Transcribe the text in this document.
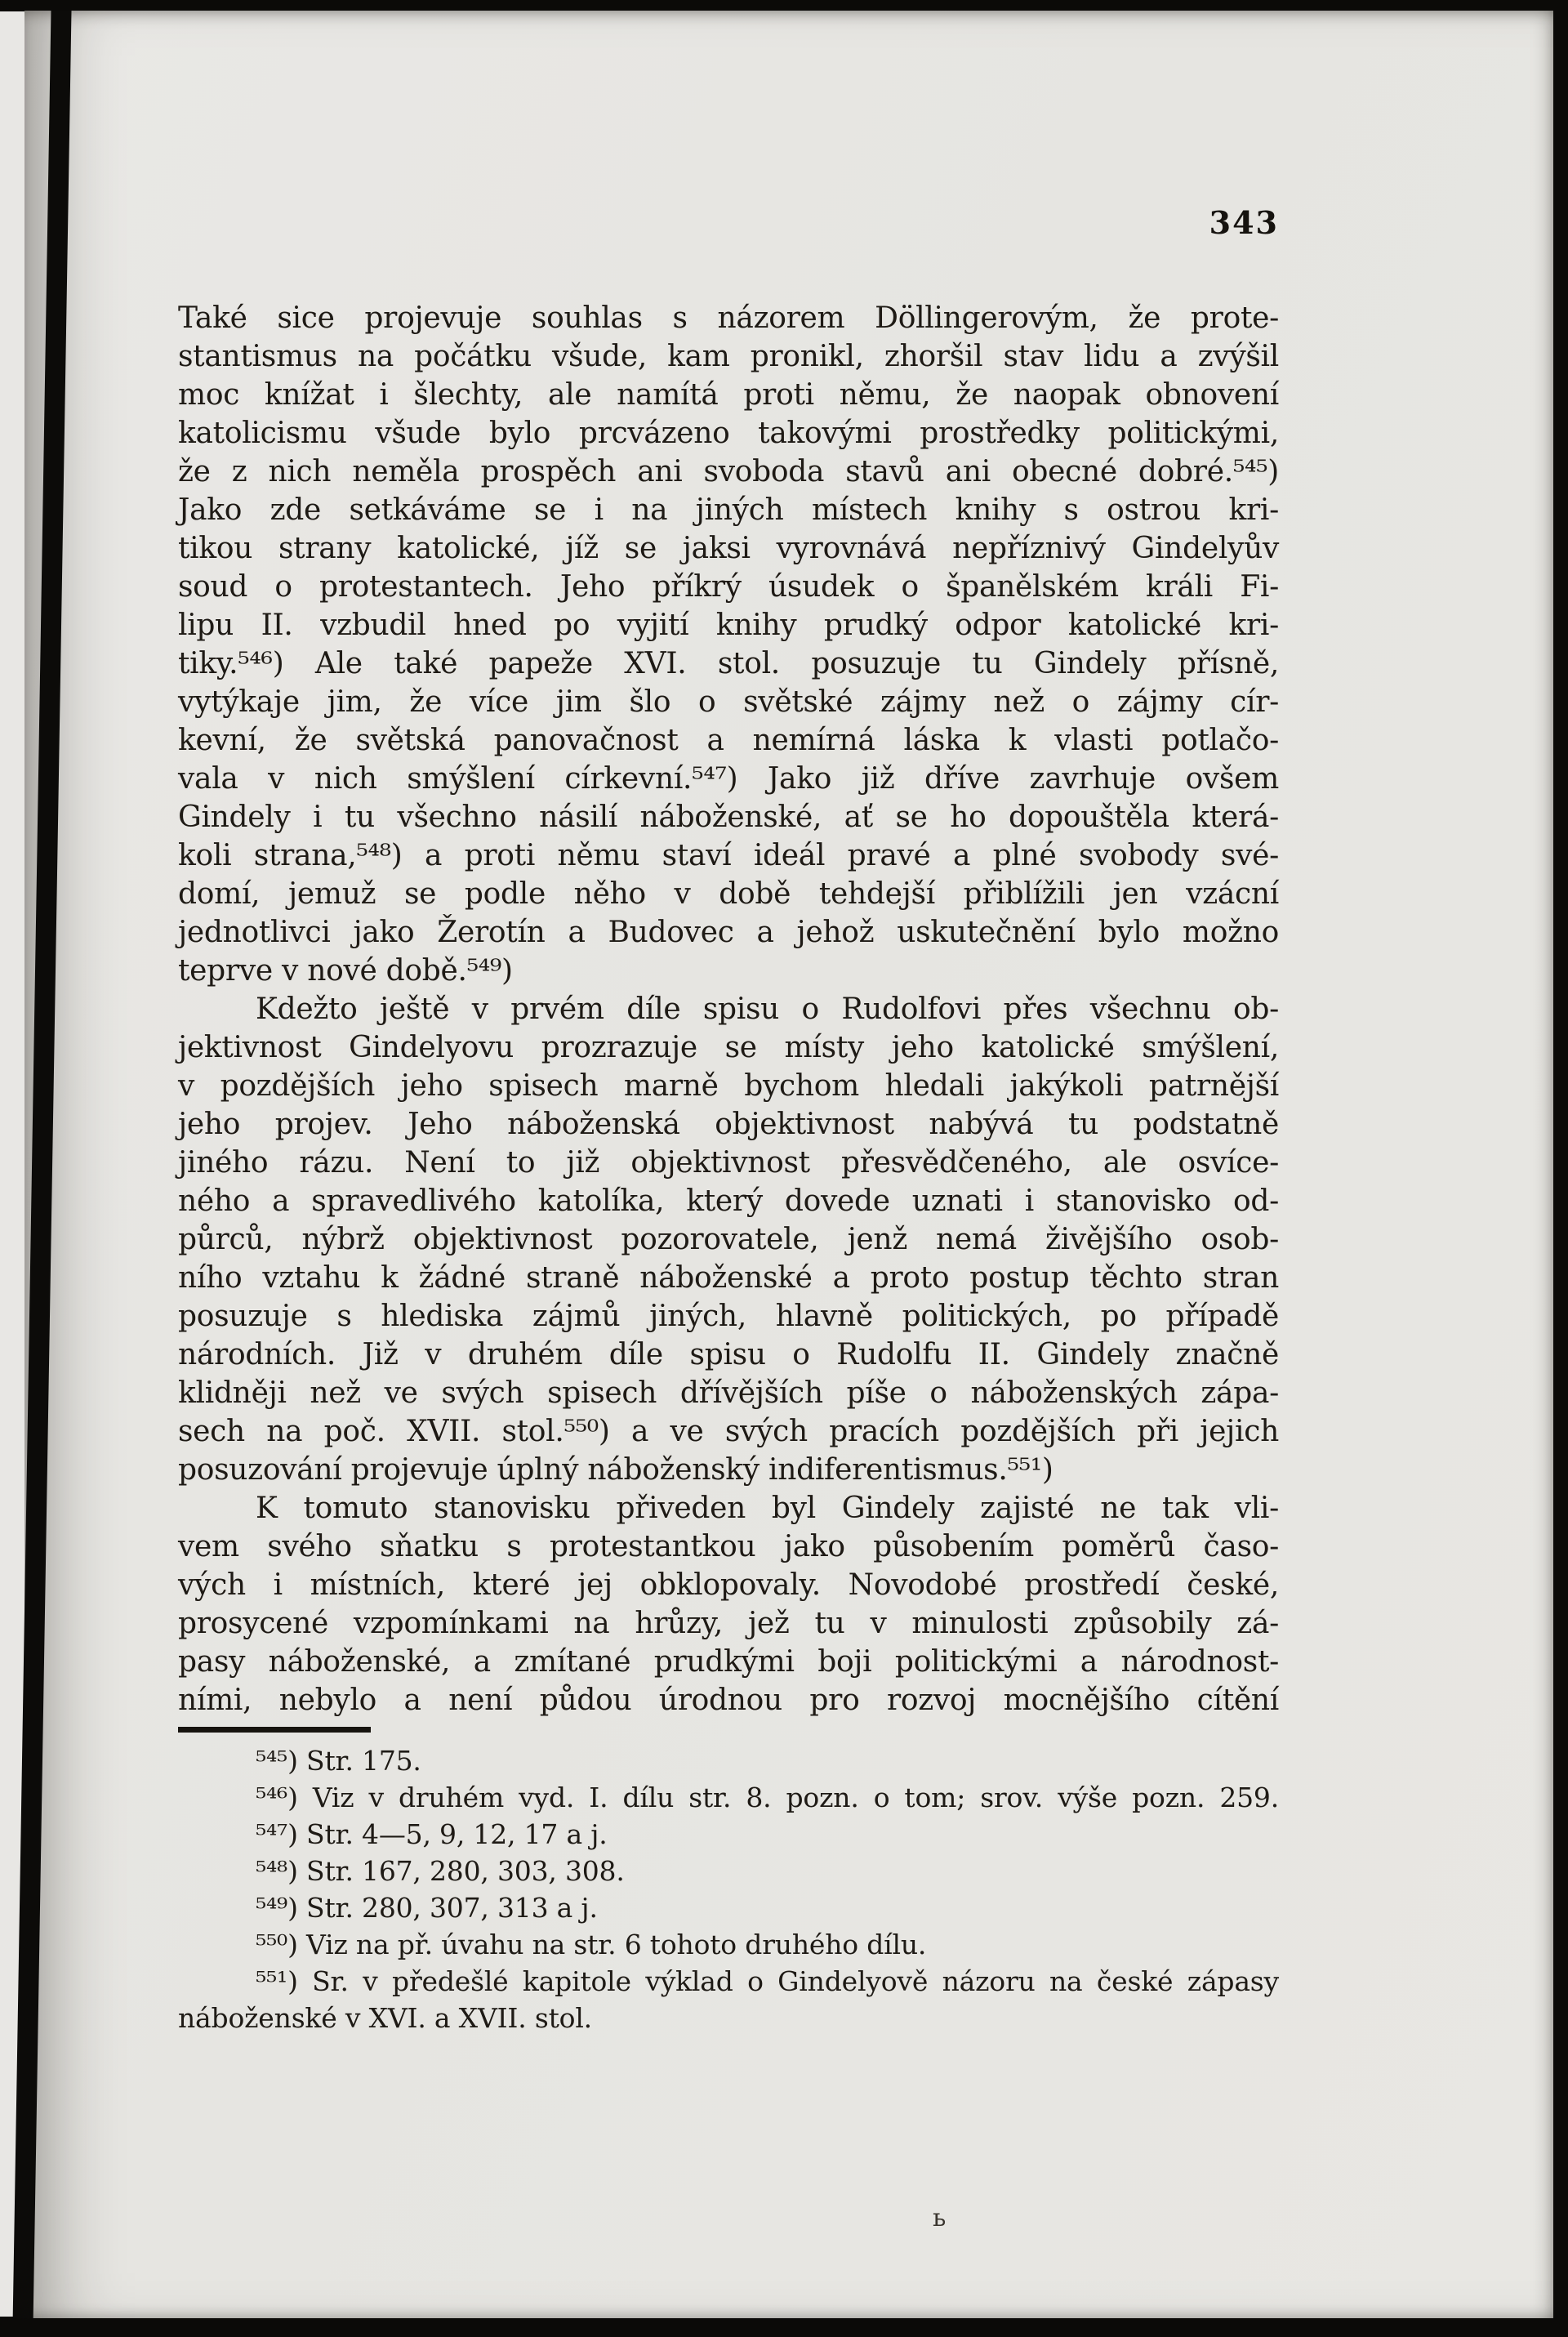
343
Také sice projevuje souhlas s názorem Döllingerovým, že prote-
stantismus na počátku všude, kam pronikl, zhoršil stav lidu a zvýšil
moc knížat i šlechty, ale namítá proti němu, že naopak obnovení
katolicismu všude bylo prcvázeno takovými prostředky politickými,
že z nich neměla prospěch ani svoboda stavů ani obecné dobré.⁵⁴⁵)
Jako zde setkáváme se i na jiných místech knihy s ostrou kri-
tikou strany katolické, jíž se jaksi vyrovnává nepříznivý Gindelyův
soud o protestantech. Jeho příkrý úsudek o španělském králi Fi-
lipu II. vzbudil hned po vyjití knihy prudký odpor katolické kri-
tiky.⁵⁴⁶) Ale také papeže XVI. stol. posuzuje tu Gindely přísně,
vytýkaje jim, že více jim šlo o světské zájmy než o zájmy cír-
kevní, že světská panovačnost a nemírná láska k vlasti potlačo-
vala v nich smýšlení církevní.⁵⁴⁷) Jako již dříve zavrhuje ovšem
Gindely i tu všechno násilí náboženské, ať se ho dopouštěla která-
koli strana,⁵⁴⁸) a proti němu staví ideál pravé a plné svobody své-
domí, jemuž se podle něho v době tehdejší přiblížili jen vzácní
jednotlivci jako Žerotín a Budovec a jehož uskutečnění bylo možno
teprve v nové době.⁵⁴⁹)
Kdežto ještě v prvém díle spisu o Rudolfovi přes všechnu ob-
jektivnost Gindelyovu prozrazuje se místy jeho katolické smýšlení,
v pozdějších jeho spisech marně bychom hledali jakýkoli patrnější
jeho projev. Jeho náboženská objektivnost nabývá tu podstatně
jiného rázu. Není to již objektivnost přesvědčeného, ale osvíce-
ného a spravedlivého katolíka, který dovede uznati i stanovisko od-
půrců, nýbrž objektivnost pozorovatele, jenž nemá živějšího osob-
ního vztahu k žádné straně náboženské a proto postup těchto stran
posuzuje s hlediska zájmů jiných, hlavně politických, po případě
národních. Již v druhém díle spisu o Rudolfu II. Gindely značně
klidněji než ve svých spisech dřívějších píše o náboženských zápa-
sech na poč. XVII. stol.⁵⁵⁰) a ve svých pracích pozdějších při jejich
posuzování projevuje úplný náboženský indiferentismus.⁵⁵¹)
K tomuto stanovisku přiveden byl Gindely zajisté ne tak vli-
vem svého sňatku s protestantkou jako působením poměrů časo-
vých i místních, které jej obklopovaly. Novodobé prostředí české,
prosycené vzpomínkami na hrůzy, jež tu v minulosti způsobily zá-
pasy náboženské, a zmítané prudkými boji politickými a národnost-
ními, nebylo a není půdou úrodnou pro rozvoj mocnějšího cítění
⁵⁴⁵) Str. 175.
⁵⁴⁶) Viz v druhém vyd. I. dílu str. 8. pozn. o tom; srov. výše pozn. 259.
⁵⁴⁷) Str. 4—5, 9, 12, 17 a j.
⁵⁴⁸) Str. 167, 280, 303, 308.
⁵⁴⁹) Str. 280, 307, 313 a j.
⁵⁵⁰) Viz na př. úvahu na str. 6 tohoto druhého dílu.
⁵⁵¹) Sr. v předešlé kapitole výklad o Gindelyově názoru na české zápasy
náboženské v XVI. a XVII. stol.
ь
